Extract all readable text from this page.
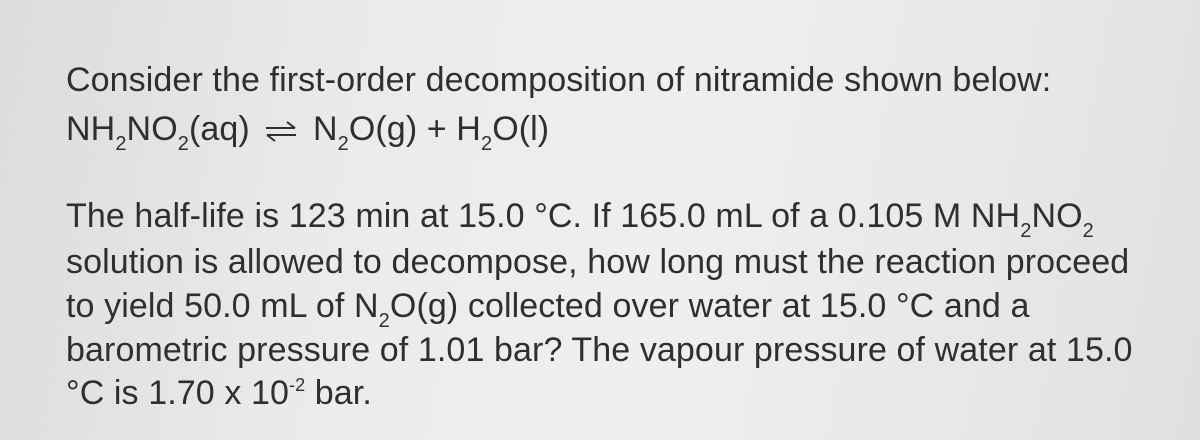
Consider the first-order decomposition of nitramide shown below:
$NH_2NO_2(aq)$ ⇌ $N_2O(g) + H_2O(l)$
The half-life is 123 min at 15.0 °C. If 165.0 mL of a 0.105 M $NH_2NO_2$
solution is allowed to decompose, how long must the reaction proceed
to yield 50.0 mL of $N_2O(g)$ collected over water at 15.0 °C and a
barometric pressure of 1.01 bar? The vapour pressure of water at 15.0
°C is 1.70 x $10^{-2}$ bar.
